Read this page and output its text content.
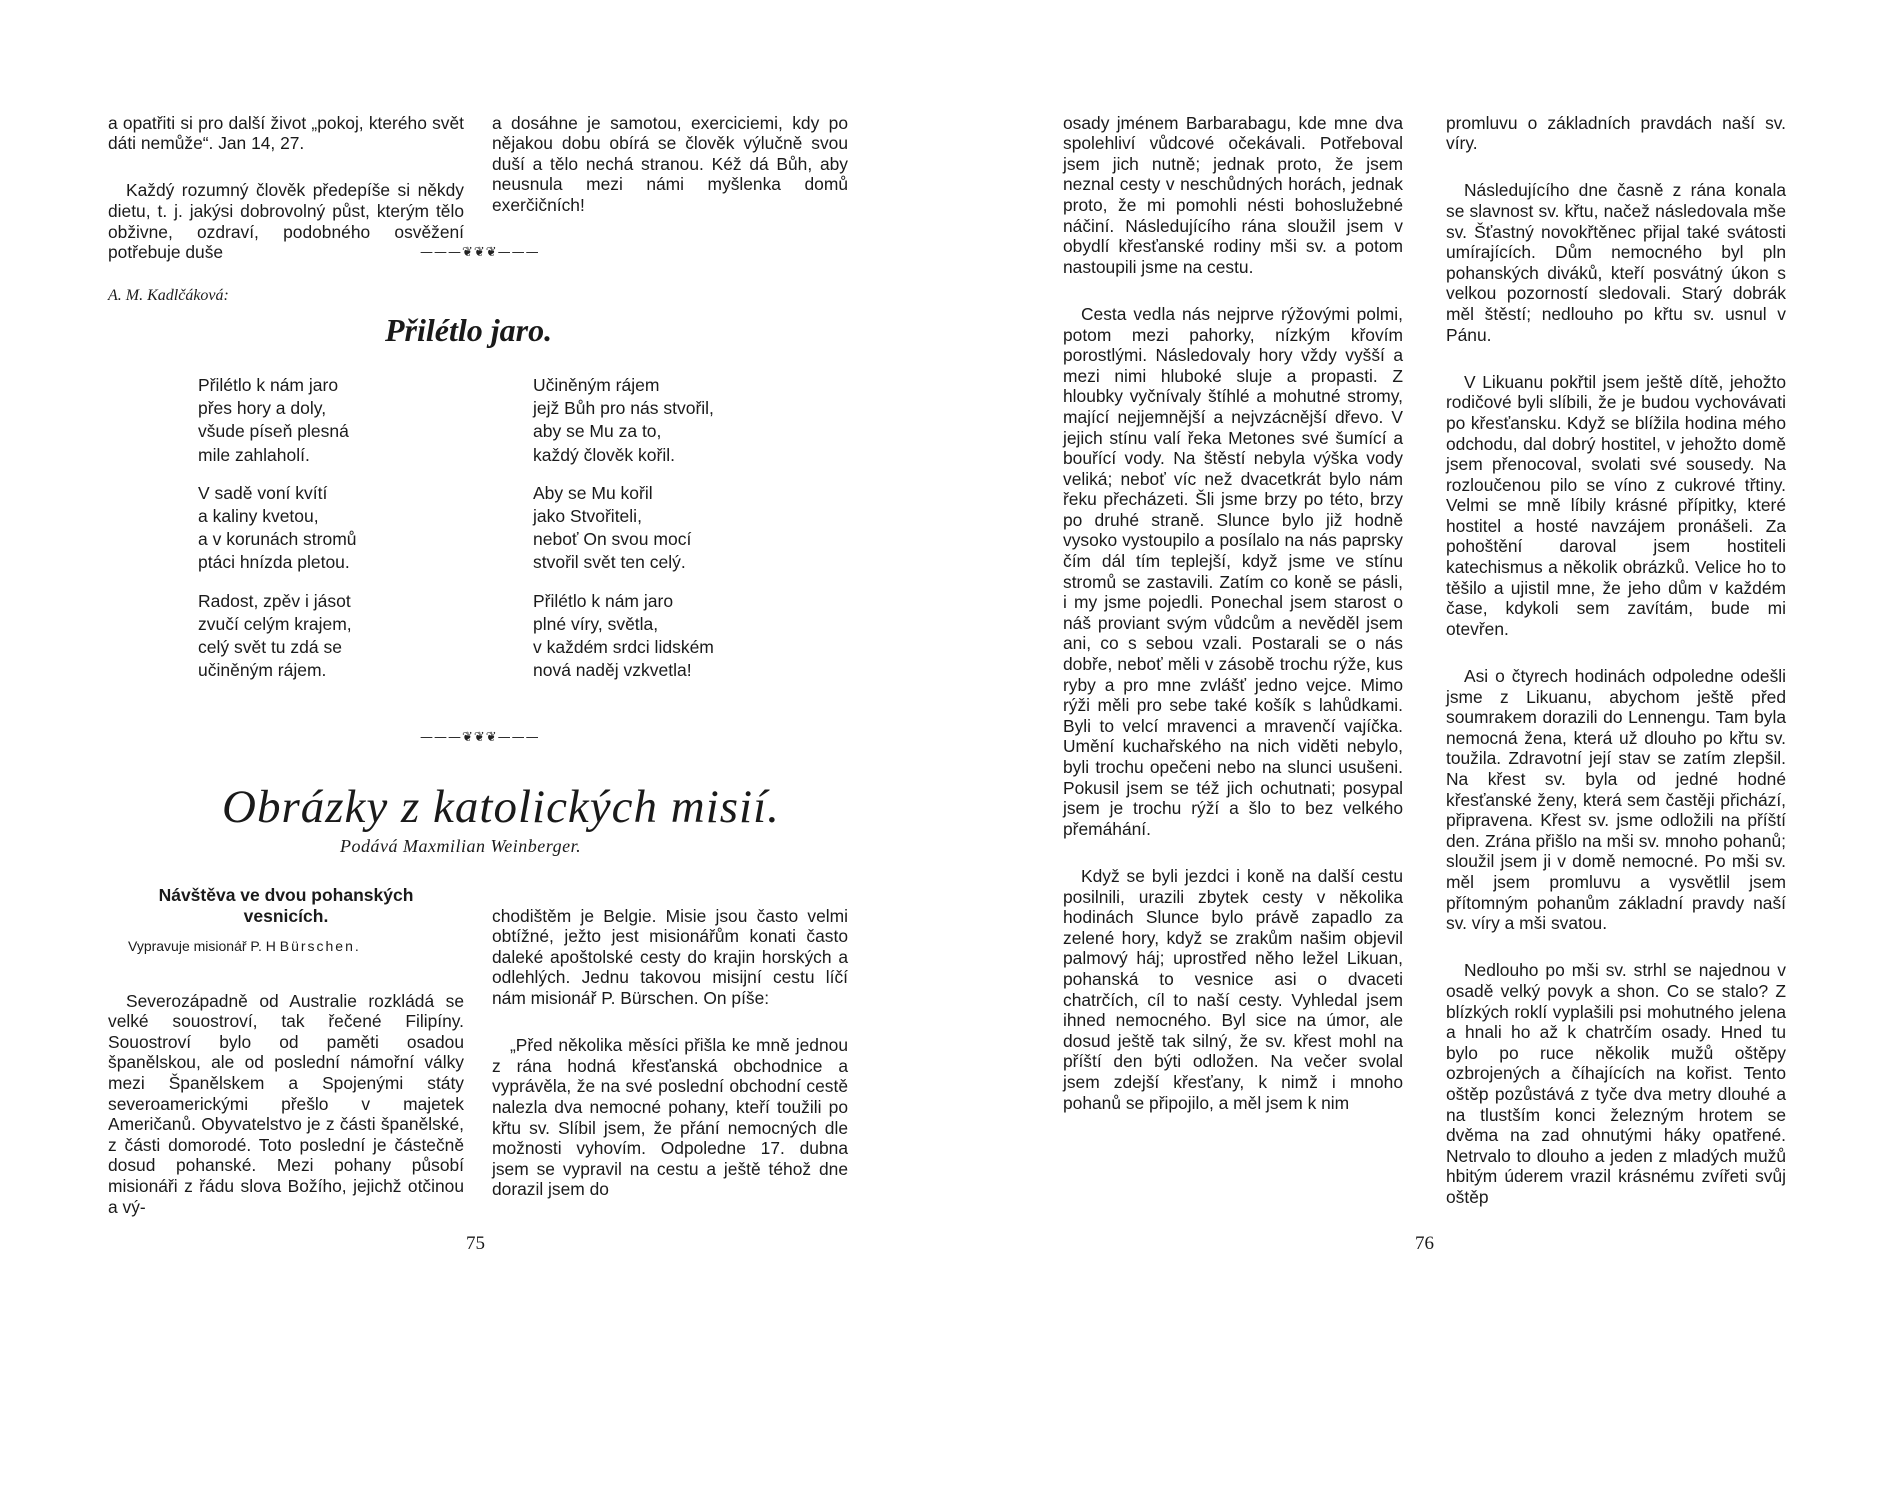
a opatřiti si pro další život „pokoj, kterého svět dáti nemůže“. Jan 14, 27.

Každý rozumný člověk předepíše si někdy dietu, t. j. jakýsi dobrovolný půst, kterým tělo obživne, ozdraví, podobného osvěžení potřebuje duše

a dosáhne je samotou, exerciciemi, kdy po nějakou dobu obírá se člověk výlučně svou duší a tělo nechá stranou. Kéž dá Bůh, aby neusnula mezi námi myšlenka domů exerčičních!

———❦❦❦———
A. M. Kadlčáková:
Přilétlo jaro.
Přilétlo k nám jaro
přes hory a doly,
všude píseň plesná
mile zahlaholí.
V sadě voní kvítí
a kaliny kvetou,
a v korunách stromů
ptáci hnízda pletou.
Radost, zpěv i jásot
zvučí celým krajem,
celý svět tu zdá se
učiněným rájem.
Učiněným rájem
jejž Bůh pro nás stvořil,
aby se Mu za to,
každý člověk kořil.
Aby se Mu kořil
jako Stvořiteli,
neboť On svou mocí
stvořil svět ten celý.
Přilétlo k nám jaro
plné víry, světla,
v každém srdci lidském
nová naděj vzkvetla!
———❦❦❦———
Obrázky z katolických misií.
Podává Maxmilian Weinberger.
Návštěva ve dvou pohanských vesnicích.
Vypravuje misionář P. H Bürschen.

Severozápadně od Australie rozkládá se velké souostroví, tak řečené Filipíny. Souostroví bylo od paměti osadou španělskou, ale od poslední námořní války mezi Španělskem a Spojenými státy severoamerickými přešlo v majetek Američanů. Obyvatelstvo je z části španělské, z části domorodé. Toto poslední je částečně dosud pohanské. Mezi pohany působí misionáři z řádu slova Božího, jejichž otčinou a vý-

chodištěm je Belgie. Misie jsou často velmi obtížné, ježto jest misionářům konati často daleké apoštolské cesty do krajin horských a odlehlých. Jednu takovou misijní cestu líčí nám misionář P. Bürschen. On píše:

„Před několika měsíci přišla ke mně jednou z rána hodná křesťanská obchodnice a vyprávěla, že na své poslední obchodní cestě nalezla dva nemocné pohany, kteří toužili po křtu sv. Slíbil jsem, že přání nemocných dle možnosti vyhovím. Odpoledne 17. dubna jsem se vypravil na cestu a ještě téhož dne dorazil jsem do

75

osady jménem Barbarabagu, kde mne dva spolehliví vůdcové očekávali. Potřeboval jsem jich nutně; jednak proto, že jsem neznal cesty v neschůdných horách, jednak proto, že mi pomohli nésti bohoslužebné náčiní. Následujícího rána sloužil jsem v obydlí křesťanské rodiny mši sv. a potom nastoupili jsme na cestu.

Cesta vedla nás nejprve rýžovými polmi, potom mezi pahorky, nízkým křovím porostlými. Následovaly hory vždy vyšší a mezi nimi hluboké sluje a propasti. Z hloubky vyčnívaly štíhlé a mohutné stromy, mající nejjemnější a nejvzácnější dřevo. V jejich stínu valí řeka Metones své šumící a bouřící vody. Na štěstí nebyla výška vody veliká; neboť víc než dvacetkrát bylo nám řeku přecházeti. Šli jsme brzy po této, brzy po druhé straně. Slunce bylo již hodně vysoko vystoupilo a posílalo na nás paprsky čím dál tím teplejší, když jsme ve stínu stromů se zastavili. Zatím co koně se pásli, i my jsme pojedli. Ponechal jsem starost o náš proviant svým vůdcům a nevěděl jsem ani, co s sebou vzali. Postarali se o nás dobře, neboť měli v zásobě trochu rýže, kus ryby a pro mne zvlášť jedno vejce. Mimo rýži měli pro sebe také košík s lahůdkami. Byli to velcí mravenci a mravenčí vajíčka. Umění kuchařského na nich viděti nebylo, byli trochu opečeni nebo na slunci usušeni. Pokusil jsem se též jich ochutnati; posypal jsem je trochu rýží a šlo to bez velkého přemáhání.

Když se byli jezdci i koně na další cestu posilnili, urazili zbytek cesty v několika hodinách Slunce bylo právě zapadlo za zelené hory, když se zrakům našim objevil palmový háj; uprostřed něho ležel Likuan, pohanská to vesnice asi o dvaceti chatrčích, cíl to naší cesty. Vyhledal jsem ihned nemocného. Byl sice na úmor, ale dosud ještě tak silný, že sv. křest mohl na příští den býti odložen. Na večer svolal jsem zdejší křesťany, k nimž i mnoho pohanů se připojilo, a měl jsem k nim

promluvu o základních pravdách naší sv. víry.

Následujícího dne časně z rána konala se slavnost sv. křtu, načež následovala mše sv. Šťastný novokřtěnec přijal také svátosti umírajících. Dům nemocného byl pln pohanských diváků, kteří posvátný úkon s velkou pozorností sledovali. Starý dobrák měl štěstí; nedlouho po křtu sv. usnul v Pánu.

V Likuanu pokřtil jsem ještě dítě, jehožto rodičové byli slíbili, že je budou vychovávati po křesťansku. Když se blížila hodina mého odchodu, dal dobrý hostitel, v jehožto domě jsem přenocoval, svolati své sousedy. Na rozloučenou pilo se víno z cukrové třtiny. Velmi se mně líbily krásné přípitky, které hostitel a hosté navzájem pronášeli. Za pohoštění daroval jsem hostiteli katechismus a několik obrázků. Velice ho to těšilo a ujistil mne, že jeho dům v každém čase, kdykoli sem zavítám, bude mi otevřen.

Asi o čtyrech hodinách odpoledne odešli jsme z Likuanu, abychom ještě před soumrakem dorazili do Lennengu. Tam byla nemocná žena, která už dlouho po křtu sv. toužila. Zdravotní její stav se zatím zlepšil. Na křest sv. byla od jedné hodné křesťanské ženy, která sem častěji přichází, připravena. Křest sv. jsme odložili na příští den. Zrána přišlo na mši sv. mnoho pohanů; sloužil jsem ji v domě nemocné. Po mši sv. měl jsem promluvu a vysvětlil jsem přítomným pohanům základní pravdy naší sv. víry a mši svatou.

Nedlouho po mši sv. strhl se najednou v osadě velký povyk a shon. Co se stalo? Z blízkých roklí vyplašili psi mohutného jelena a hnali ho až k chatrčím osady. Hned tu bylo po ruce několik mužů oštěpy ozbrojených a číhajících na kořist. Tento oštěp pozůstává z tyče dva metry dlouhé a na tlustším konci železným hrotem se dvěma na zad ohnutými háky opatřené. Netrvalo to dlouho a jeden z mladých mužů hbitým úderem vrazil krásnému zvířeti svůj oštěp

76
